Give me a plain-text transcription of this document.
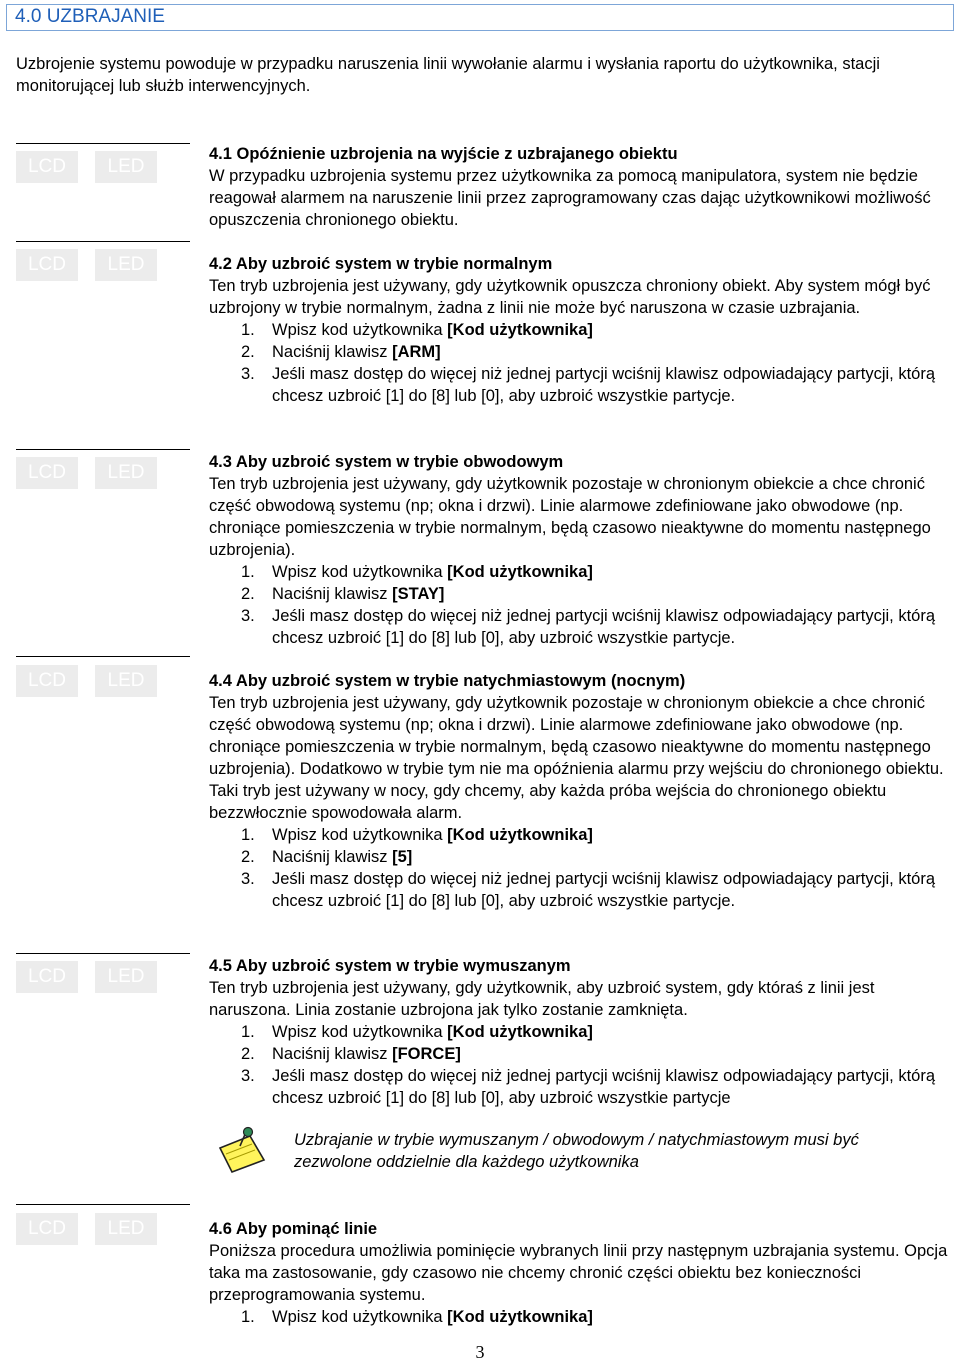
4.0 UZBRAJANIE
Uzbrojenie systemu powoduje w przypadku naruszenia linii wywołanie alarmu i wysłania raportu do użytkownika, stacji monitorującej lub służb interwencyjnych.
LCD	LED
LCD	LED
LCD	LED
LCD	LED
LCD	LED
LCD	LED
4.1 Opóźnienie uzbrojenia na wyjście z uzbrajanego obiektu
W przypadku uzbrojenia systemu przez użytkownika za pomocą manipulatora, system nie będzie reagował alarmem na naruszenie linii przez zaprogramowany czas dając użytkownikowi możliwość opuszczenia chronionego obiektu.
4.2 Aby uzbroić system w trybie normalnym
Ten tryb uzbrojenia jest używany, gdy użytkownik opuszcza chroniony obiekt. Aby system mógł być uzbrojony w trybie normalnym, żadna z linii nie może być naruszona w czasie uzbrajania.
1. Wpisz kod użytkownika [Kod użytkownika]
2. Naciśnij klawisz [ARM]
3. Jeśli masz dostęp do więcej niż jednej partycji wciśnij klawisz odpowiadający partycji, którą chcesz uzbroić [1] do [8] lub [0], aby uzbroić wszystkie partycje.
4.3 Aby uzbroić system w trybie obwodowym
Ten tryb uzbrojenia jest używany, gdy użytkownik pozostaje w chronionym obiekcie a chce chronić część obwodową systemu (np; okna i drzwi). Linie alarmowe zdefiniowane jako obwodowe (np. chroniące pomieszczenia w trybie normalnym, będą czasowo nieaktywne do momentu następnego uzbrojenia).
1. Wpisz kod użytkownika [Kod użytkownika]
2. Naciśnij klawisz [STAY]
3. Jeśli masz dostęp do więcej niż jednej partycji wciśnij klawisz odpowiadający partycji, którą chcesz uzbroić [1] do [8] lub [0], aby uzbroić wszystkie partycje.
4.4 Aby uzbroić system w trybie natychmiastowym (nocnym)
Ten tryb uzbrojenia jest używany, gdy użytkownik pozostaje w chronionym obiekcie a chce chronić część obwodową systemu (np; okna i drzwi). Linie alarmowe zdefiniowane jako obwodowe (np. chroniące pomieszczenia w trybie normalnym, będą czasowo nieaktywne do momentu następnego uzbrojenia). Dodatkowo w trybie tym nie ma opóźnienia alarmu przy wejściu do chronionego obiektu. Taki tryb jest używany w nocy, gdy chcemy, aby każda próba wejścia do chronionego obiektu bezzwłocznie spowodowała alarm.
1. Wpisz kod użytkownika [Kod użytkownika]
2. Naciśnij klawisz [5]
3. Jeśli masz dostęp do więcej niż jednej partycji wciśnij klawisz odpowiadający partycji, którą chcesz uzbroić [1] do [8] lub [0], aby uzbroić wszystkie partycje.
4.5 Aby uzbroić system w trybie wymuszanym
Ten tryb uzbrojenia jest używany, gdy użytkownik, aby uzbroić system, gdy któraś z linii jest naruszona. Linia zostanie uzbrojona jak tylko zostanie zamknięta.
1. Wpisz kod użytkownika [Kod użytkownika]
2. Naciśnij klawisz [FORCE]
3. Jeśli masz dostęp do więcej niż jednej partycji wciśnij klawisz odpowiadający partycji, którą chcesz uzbroić [1] do [8] lub [0], aby uzbroić wszystkie partycje
Uzbrajanie w trybie wymuszanym / obwodowym / natychmiastowym musi być zezwolone oddzielnie dla każdego użytkownika
4.6 Aby pominąć linie
Poniższa procedura umożliwia pominięcie wybranych linii przy następnym uzbrajania systemu. Opcja taka ma zastosowanie, gdy czasowo nie chcemy chronić części obiektu bez konieczności przeprogramowania systemu.
1. Wpisz kod użytkownika [Kod użytkownika]
3
